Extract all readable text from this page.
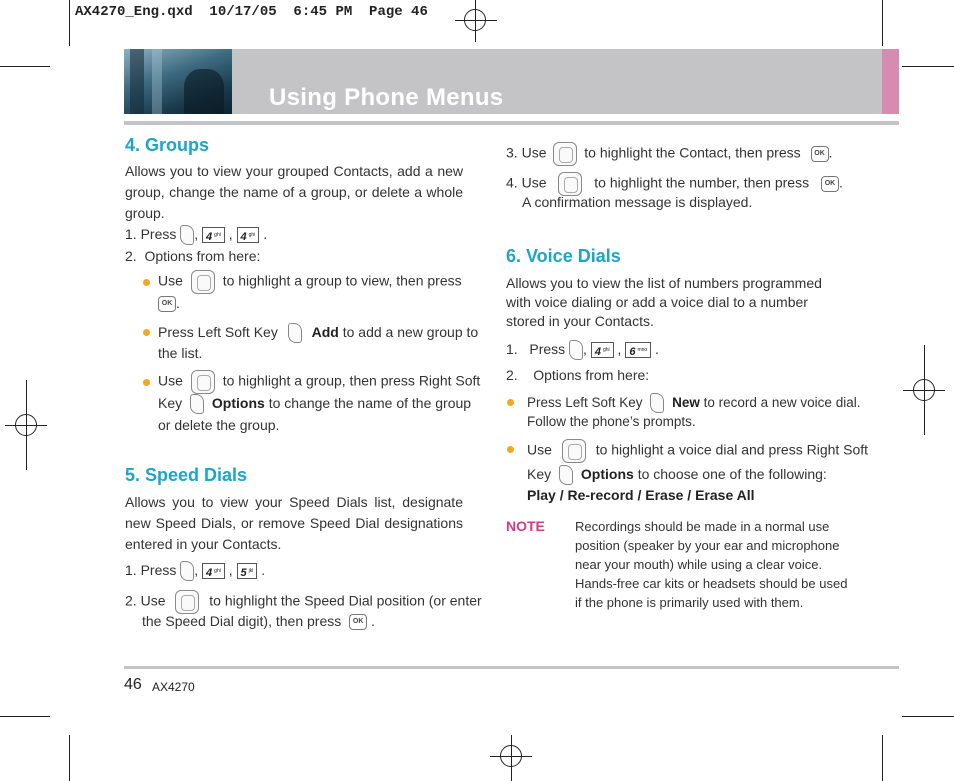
AX4270_Eng.qxd  10/17/05  6:45 PM  Page 46
Using Phone Menus
4. Groups
Allows you to view your grouped Contacts, add a new group, change the name of a group, or delete a whole group.
1. Press , 4 $^{ghi}$ , 4 $^{ghi}$ .
2.  Options from here:
Use	to highlight a group to view, then press
OK .
Press Left Soft Key Add to add a new group to
the list.
Use	to highlight a group, then press Right Soft
Key Options to change the name of the group
or delete the group.
5. Speed Dials
Allows you to view your Speed Dials list, designate new Speed Dials, or remove Speed Dial designations entered in your Contacts.
1. Press , 4 $^{ghi}$ , 5 $^{jkl}$ .
2. Use	to highlight the Speed Dial position (or enter
the Speed Dial digit), then press OK .
3. Use	to highlight the Contact, then press OK .
4. Use	to highlight the number, then press OK .
A confirmation message is displayed.
6. Voice Dials
Allows you to view the list of numbers programmed with voice dialing or add a voice dial to a number stored in your Contacts.
1. Press , 4 $^{ghi}$ , 6 $^{mno}$ .
2.    Options from here:
Press Left Soft Key New to record a new voice dial.
Follow the phone’s prompts.
Use	to highlight a voice dial and press Right Soft
Key Options to choose one of the following:
Play / Re-record / Erase / Erase All
NOTE Recordings should be made in a normal use position (speaker by your ear and microphone near your mouth) while using a clear voice. Hands-free car kits or headsets should be used if the phone is primarily used with them.
46 AX4270
